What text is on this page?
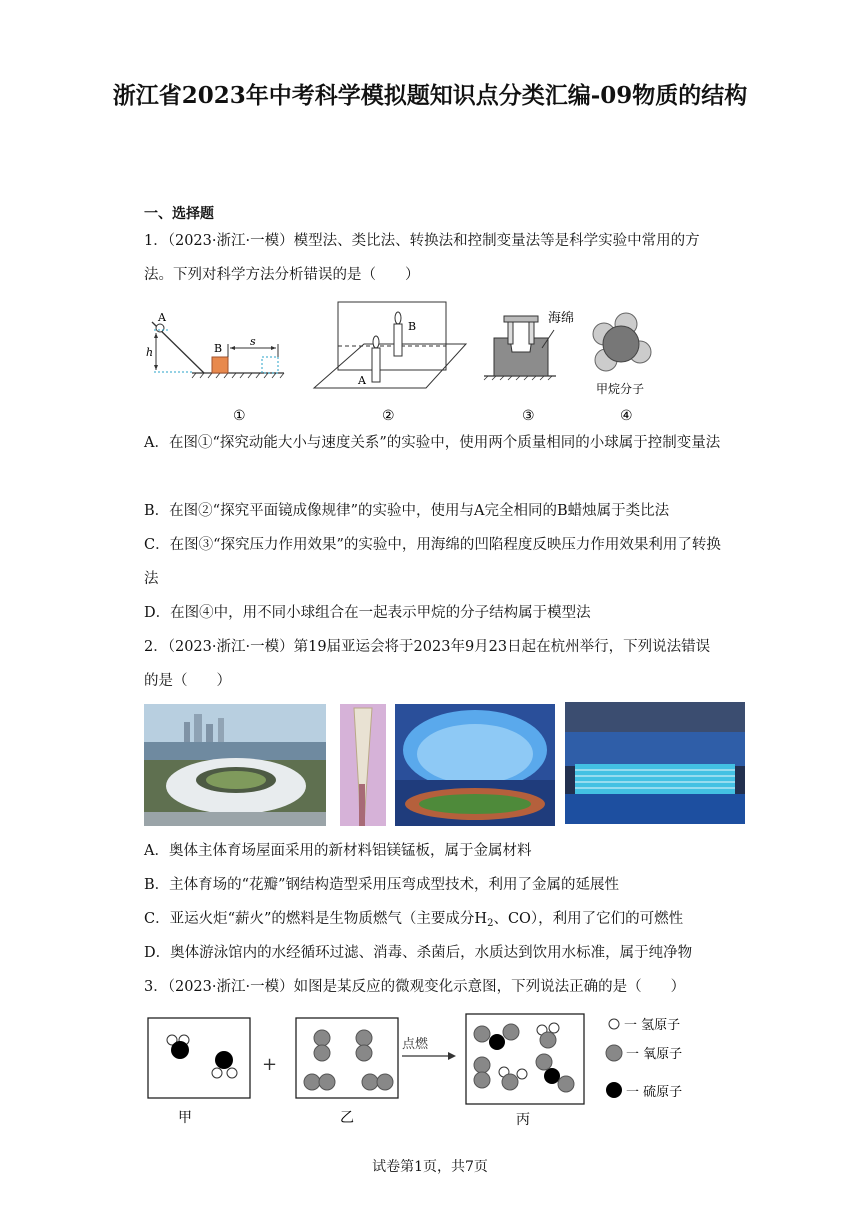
浙江省2023年中考科学模拟题知识点分类汇编-09物质的结构
一、选择题
1．（2023·浙江·一模）模型法、类比法、转换法和控制变量法等是科学实验中常用的方法。下列对科学方法分析错误的是（　　）
A
h	B
s
A
B
海绵
甲烷分子
①	②	③	④
A．在图①“探究动能大小与速度关系”的实验中，使用两个质量相同的小球属于控制变量法
B．在图②“探究平面镜成像规律”的实验中，使用与A完全相同的B蜡烛属于类比法
C．在图③“探究压力作用效果”的实验中，用海绵的凹陷程度反映压力作用效果利用了转换法
D．在图④中，用不同小球组合在一起表示甲烷的分子结构属于模型法
2．（2023·浙江·一模）第19届亚运会将于2023年9月23日起在杭州举行，下列说法错误的是（　　）
A．奥体主体育场屋面采用的新材料铝镁锰板，属于金属材料
B．主体育场的“花瓣”钢结构造型采用压弯成型技术，利用了金属的延展性
C．亚运火炬“薪火”的燃料是生物质燃气（主要成分$H_2$、CO），利用了它们的可燃性
D．奥体游泳馆内的水经循环过滤、消毒、杀菌后，水质达到饮用水标准，属于纯净物
3．（2023·浙江·一模）如图是某反应的微观变化示意图，下列说法正确的是（　　）
+
点燃
甲	乙	丙
一 氢原子
一 氧原子
一 硫原子
试卷第1页，共7页
